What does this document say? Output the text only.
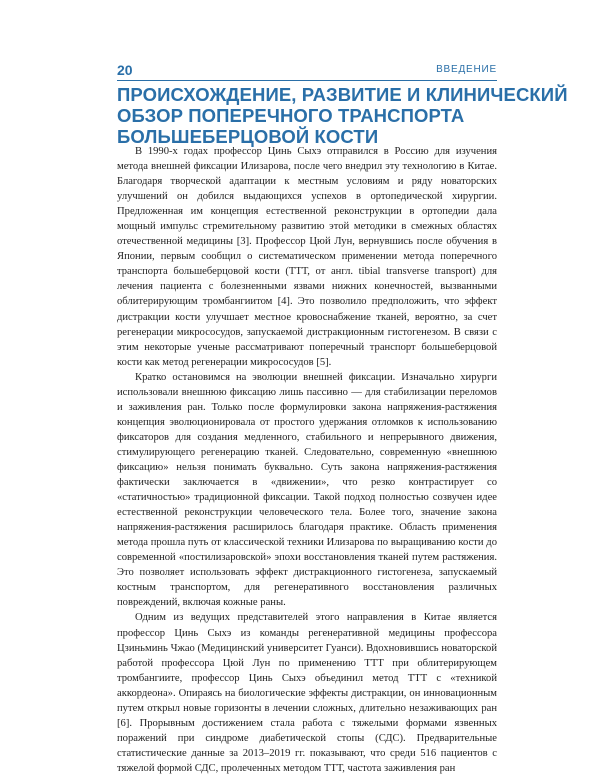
20	ВВЕДЕНИЕ
ПРОИСХОЖДЕНИЕ, РАЗВИТИЕ И КЛИНИЧЕСКИЙ
ОБЗОР ПОПЕРЕЧНОГО ТРАНСПОРТА
БОЛЬШЕБЕРЦОВОЙ КОСТИ

В 1990-х годах профессор Цинь Сыхэ отправился в Россию для изучения метода внешней фиксации Илизарова, после чего внедрил эту технологию в Китае. Благодаря творческой адаптации к местным условиям и ряду новаторских улучшений он добился выдающихся успехов в ортопедической хирургии. Предложенная им концепция естественной реконструкции в ортопедии дала мощный импульс стремительному развитию этой методики в смежных областях отечественной медицины [3]. Профессор Цюй Лун, вернувшись после обучения в Японии, первым сообщил о систематическом применении метода поперечного транспорта большеберцовой кости (ТТТ, от англ. tibial transverse transport) для лечения пациента с болезненными язвами нижних конечностей, вызванными облитерирующим тромбангиитом [4]. Это позволило предположить, что эффект дистракции кости улучшает местное кровоснабжение тканей, вероятно, за счет регенерации микрососудов, запускаемой дистракционным гистогенезом. В связи с этим некоторые ученые рассматривают поперечный транспорт большеберцовой кости как метод регенерации микрососудов [5].

Кратко остановимся на эволюции внешней фиксации. Изначально хирурги использовали внешнюю фиксацию лишь пассивно — для стабилизации переломов и заживления ран. Только после формулировки закона напряжения-растяжения концепция эволюционировала от простого удержания отломков к использованию фиксаторов для создания медленного, стабильного и непрерывного движения, стимулирующего регенерацию тканей. Следовательно, современную «внешнюю фиксацию» нельзя понимать буквально. Суть закона напряжения-растяжения фактически заключается в «движении», что резко контрастирует со «статичностью» традиционной фиксации. Такой подход полностью созвучен идее естественной реконструкции человеческого тела. Более того, значение закона напряжения-растяжения расширилось благодаря практике. Область применения метода прошла путь от классической техники Илизарова по выращиванию кости до современной «постилизаровской» эпохи восстановления тканей путем растяжения. Это позволяет использовать эффект дистракционного гистогенеза, запускаемый костным транспортом, для регенеративного восстановления различных повреждений, включая кожные раны.

Одним из ведущих представителей этого направления в Китае является профессор Цинь Сыхэ из команды регенеративной медицины профессора Цзиньминь Чжао (Медицинский университет Гуанси). Вдохновившись новаторской работой профессора Цюй Лун по применению ТТТ при облитерирующем тромбангиите, профессор Цинь Сыхэ объединил метод ТТТ с «техникой аккордеона». Опираясь на биологические эффекты дистракции, он инновационным путем открыл новые горизонты в лечении сложных, длительно незаживающих ран [6]. Прорывным достижением стала работа с тяжелыми формами язвенных поражений при синдроме диабетической стопы (СДС). Предварительные статистические данные за 2013–2019 гг. показывают, что среди 516 пациентов с тяжелой формой СДС, пролеченных методом ТТТ, частота заживления ран
